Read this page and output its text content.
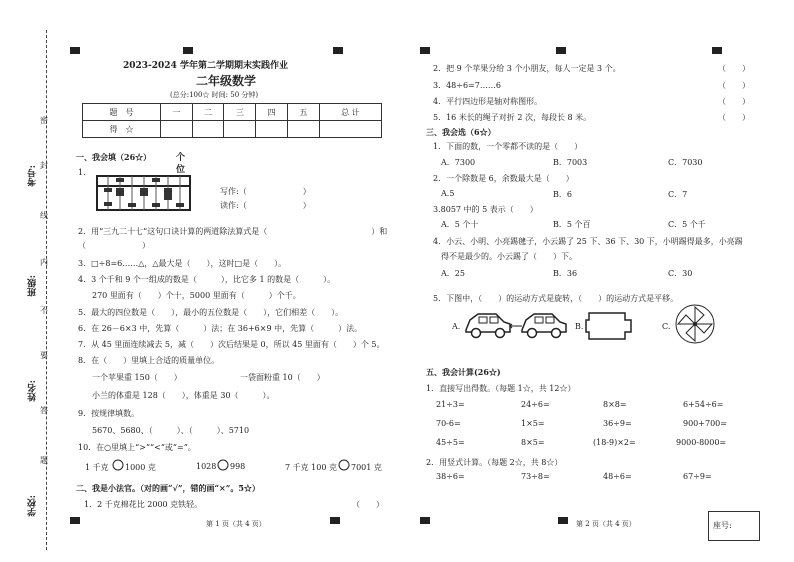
学校:
姓名:
班级:
考号:
密
封
线
内
不
要
答
题
2023-2024 学年第二学期期末实践作业
二年级数学
(总分:100☆ 时间: 50 分钟)
题　号	一	二	三	四	五	总 计
得　☆						
一、我会填（26☆）	个
位
1.
写作:（　　　　　　　）
读作:（　　　　　　　）
2．用“三九二十七”这句口诀计算的两道除法算式是（　　　　　　　　　　　　　）和
（　　　　　　　）
3．□÷8=6……△，△最大是（　　），这时□是（　　）。
4．3 个千和 9 个一组成的数是（　　　），比它多 1 的数是（　　　）。
270 里面有（　　）个十，5000 里面有（　　　）个千。
5．最大的四位数是（　　），最小的五位数是（　　），它们相差（　　）。
6．在 26－6×3 中，先算（　　　）法；在 36+6×9 中，先算（　　　）法。
7．从 45 里面连续减去 5，减（　　）次后结果是 0，所以 45 里面有（　　）个 5。
8．在（　　）里填上合适的质量单位。
一个苹果重 150（　　）	一袋面粉重 10（　　）
小兰的体重是 128（　　），体重是 30（　　　）。
9．按规律填数。
5670、5680、（　　　）、（　　　）、5710
10．在○里填上“>”“<”或“=”。
1 千克 1000 克	1028 998	7 千克 100 克 7001 克
二、我是小法官。（对的画“√”，错的画“×”。5☆）
1．2 千克棉花比 2000 克铁轻。	（　　）
第 1 页（共 4 页）
2．把 9 个苹果分给 3 个小朋友，每人一定是 3 个。	（　　）
3．48÷6=7……6	（　　）
4．平行四边形是轴对称图形。	（　　）
5．16 米长的绳子对折 2 次，每段长 8 米。	（　　）
三、我会选（6☆）
1．下面的数，一个零都不读的是（　　）
A．7300	B．7003	C．7030
2．一个除数是 6，余数最大是（　　）
A.5	B．6	C．7
3.8057 中的 5 表示（　　）
A．5 个十	B．5 个百	C．5 个千
4．小云、小明、小亮踢毽子，小云踢了 25 下、36 下、30 下，小明踢得最多，小亮踢
得不是最少的。小云踢了（　　）下。
A．25	B．36	C．30
5．下图中，（　　）的运动方式是旋转，（　　）的运动方式是平移。
A.	B.	C.
五、我会计算(26☆)
1．直接写出得数。（每题 1☆，共 12☆）
21÷3=	24÷6=	8×8=	6+54÷6=
70-6=	1×5=	36÷9=	900+700=
45÷5=	8×5=	(18-9)×2=	9000-8000=
2．用竖式计算。（每题 2☆，共 8☆）
38÷6=	73÷8=	48÷6=	67÷9=
第 2 页（共 4 页）	座号:
